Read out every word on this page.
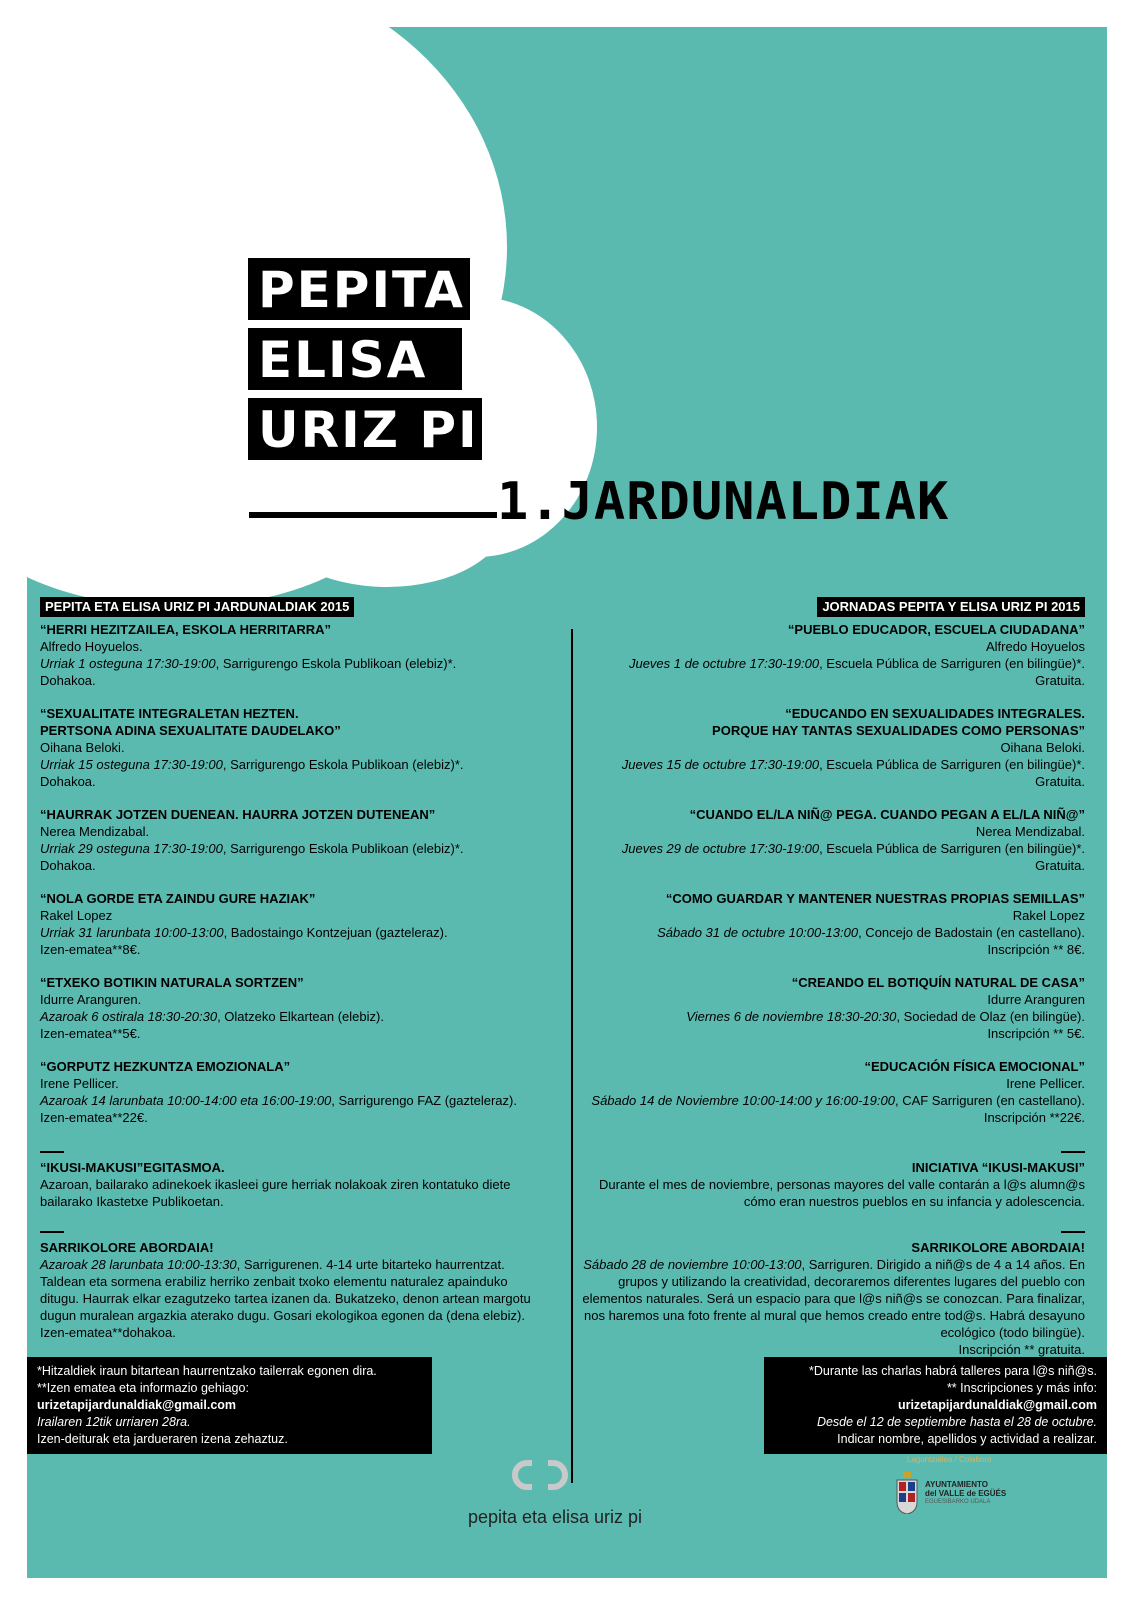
PEPITA
ELISA
URIZ PI
1.JARDUNALDIAK
PEPITA ETA ELISA URIZ PI JARDUNALDIAK 2015
“HERRI HEZITZAILEA, ESKOLA HERRITARRA”
Alfredo Hoyuelos.
Urriak 1 osteguna 17:30-19:00, Sarrigurengo Eskola Publikoan (elebiz)*.
Dohakoa.
“SEXUALITATE INTEGRALETAN HEZTEN.
PERTSONA ADINA SEXUALITATE DAUDELAKO”
Oihana Beloki.
Urriak 15 osteguna 17:30-19:00, Sarrigurengo Eskola Publikoan (elebiz)*.
Dohakoa.
“HAURRAK JOTZEN DUENEAN. HAURRA JOTZEN DUTENEAN”
Nerea Mendizabal.
Urriak 29 osteguna 17:30-19:00, Sarrigurengo Eskola Publikoan (elebiz)*.
Dohakoa.
“NOLA GORDE ETA ZAINDU GURE HAZIAK”
Rakel Lopez
Urriak 31 larunbata 10:00-13:00, Badostaingo Kontzejuan (gazteleraz).
Izen-ematea**8€.
“ETXEKO BOTIKIN NATURALA SORTZEN”
Idurre Aranguren.
Azaroak 6 ostirala 18:30-20:30, Olatzeko Elkartean (elebiz).
Izen-ematea**5€.
“GORPUTZ HEZKUNTZA EMOZIONALA”
Irene Pellicer.
Azaroak 14 larunbata 10:00-14:00 eta 16:00-19:00, Sarrigurengo FAZ (gazteleraz).
Izen-ematea**22€.
“IKUSI-MAKUSI”EGITASMOA.
Azaroan, bailarako adinekoek ikasleei gure herriak nolakoak ziren kontatuko diete bailarako Ikastetxe Publikoetan.
SARRIKOLORE ABORDAIA!
Azaroak 28 larunbata 10:00-13:30, Sarrigurenen. 4-14 urte bitarteko haurrentzat. Taldean eta sormena erabiliz herriko zenbait txoko elementu naturalez apainduko ditugu. Haurrak elkar ezagutzeko tartea izanen da. Bukatzeko, denon artean margotu dugun muralean argazkia aterako dugu. Gosari ekologikoa egonen da (dena elebiz).
Izen-ematea**dohakoa.
JORNADAS PEPITA Y ELISA URIZ PI 2015
“PUEBLO EDUCADOR, ESCUELA CIUDADANA”
Alfredo Hoyuelos
Jueves 1 de octubre 17:30-19:00, Escuela Pública de Sarriguren (en bilingüe)*.
Gratuita.
“EDUCANDO EN SEXUALIDADES INTEGRALES.
PORQUE HAY TANTAS SEXUALIDADES COMO PERSONAS”
Oihana Beloki.
Jueves 15 de octubre 17:30-19:00, Escuela Pública de Sarriguren (en bilingüe)*.
Gratuita.
“CUANDO EL/LA NIÑ@ PEGA. CUANDO PEGAN A EL/LA NIÑ@”
Nerea Mendizabal.
Jueves 29 de octubre 17:30-19:00, Escuela Pública de Sarriguren (en bilingüe)*.
Gratuita.
“COMO GUARDAR Y MANTENER NUESTRAS PROPIAS SEMILLAS”
Rakel Lopez
Sábado 31 de octubre 10:00-13:00, Concejo de Badostain (en castellano).
Inscripción ** 8€.
“CREANDO EL BOTIQUÍN NATURAL DE CASA”
Idurre Aranguren
Viernes 6 de noviembre 18:30-20:30, Sociedad de Olaz (en bilingüe).
Inscripción ** 5€.
“EDUCACIÓN FÍSICA EMOCIONAL”
Irene Pellicer.
Sábado 14 de Noviembre 10:00-14:00 y 16:00-19:00, CAF Sarriguren (en castellano).
Inscripción **22€.
INICIATIVA “IKUSI-MAKUSI”
Durante el mes de noviembre, personas mayores del valle contarán a l@s alumn@s cómo eran nuestros pueblos en su infancia y adolescencia.
SARRIKOLORE ABORDAIA!
Sábado 28 de noviembre 10:00-13:00, Sarriguren. Dirigido a niñ@s de 4 a 14 años. En grupos y utilizando la creatividad, decoraremos diferentes lugares del pueblo con elementos naturales. Será un espacio para que l@s niñ@s se conozcan. Para finalizar, nos haremos una foto frente al mural que hemos creado entre tod@s. Habrá desayuno ecológico (todo bilingüe).
Inscripción ** gratuita.
*Hitzaldiek iraun bitartean haurrentzako tailerrak egonen dira.
**Izen ematea eta informazio gehiago:
urizetapijardunaldiak@gmail.com
Irailaren 12tik urriaren 28ra.
Izen-deiturak eta jardueraren izena zehaztuz.
*Durante las charlas habrá talleres para l@s niñ@s.
** Inscripciones y más info:
urizetapijardunaldiak@gmail.com
Desde el 12 de septiembre hasta el 28 de octubre.
Indicar nombre, apellidos y actividad a realizar.
pepita eta elisa uriz pi
Laguntzailea / Colabora
AYUNTAMIENTO
del VALLE de EGÜÉS
EGUESIBARKO UDALA
